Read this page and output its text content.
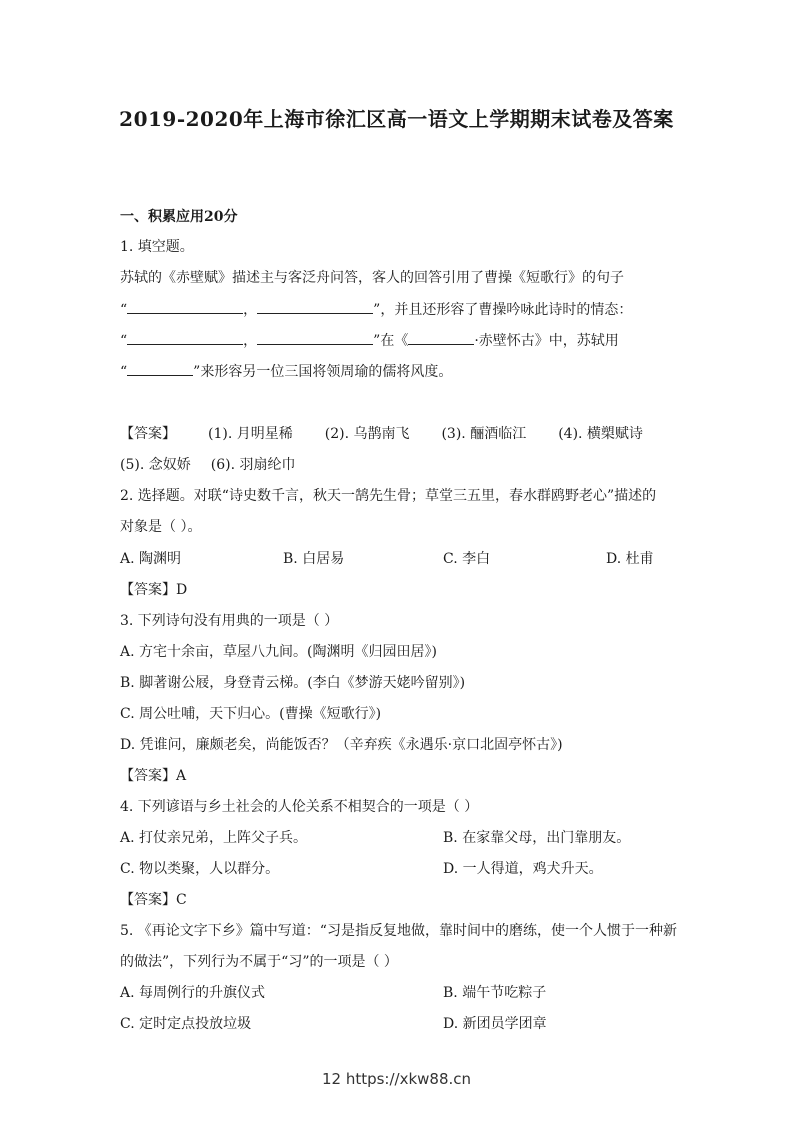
2019-2020年上海市徐汇区高一语文上学期期末试卷及答案
一、积累应用20分
1. 填空题。
苏轼的《赤壁赋》描述主与客泛舟问答，客人的回答引用了曹操《短歌行》的句子
“	，	”，并且还形容了曹操吟咏此诗时的情态：
“	，	”在《	·赤壁怀古》中，苏轼用
“	”来形容另一位三国将领周瑜的儒将风度。
【答案】 (1). 月明星稀 (2). 乌鹊南飞 (3). 酾酒临江 (4). 横槊赋诗
(5). 念奴娇 (6). 羽扇纶巾
2. 选择题。对联“诗史数千言，秋天一鹄先生骨；草堂三五里，春水群鸥野老心”描述的
对象是（ ）。
A. 陶渊明	B. 白居易	C. 李白	D. 杜甫
【答案】D
3. 下列诗句没有用典的一项是（ ）
A. 方宅十余亩，草屋八九间。(陶渊明《归园田居》)
B. 脚著谢公屐，身登青云梯。(李白《梦游天姥吟留别》)
C. 周公吐哺，天下归心。(曹操《短歌行》)
D. 凭谁问，廉颇老矣，尚能饭否？（辛弃疾《永遇乐·京口北固亭怀古》)
【答案】A
4. 下列谚语与乡土社会的人伦关系不相契合的一项是（ ）
A. 打仗亲兄弟，上阵父子兵。	B. 在家靠父母，出门靠朋友。
C. 物以类聚，人以群分。	D. 一人得道，鸡犬升天。
【答案】C
5. 《再论文字下乡》篇中写道：“习是指反复地做，靠时间中的磨练，使一个人惯于一种新
的做法”，下列行为不属于“习”的一项是（ ）
A. 每周例行的升旗仪式	B. 端午节吃粽子
C. 定时定点投放垃圾	D. 新团员学团章
12 https://xkw88.cn
